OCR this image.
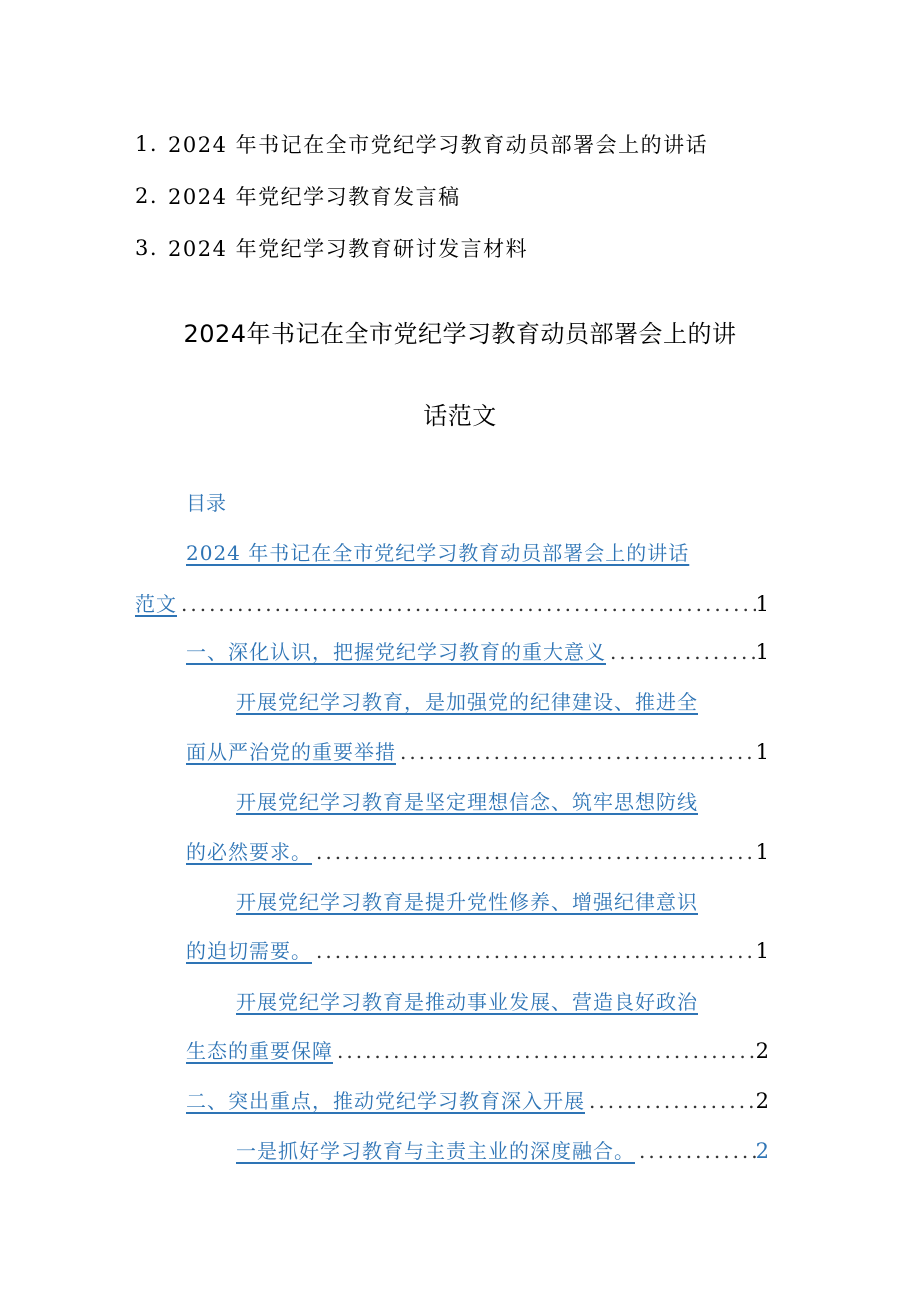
1. 2024 年书记在全市党纪学习教育动员部署会上的讲话
2. 2024 年党纪学习教育发言稿
3. 2024 年党纪学习教育研讨发言材料
2024年书记在全市党纪学习教育动员部署会上的讲
话范文
目录
2024 年书记在全市党纪学习教育动员部署会上的讲话
范文 .....	1
一、深化认识，把握党纪学习教育的重大意义 .....	1
开展党纪学习教育，是加强党的纪律建设、推进全
面从严治党的重要举措 .....	1
开展党纪学习教育是坚定理想信念、筑牢思想防线
的必然要求。 .....	1
开展党纪学习教育是提升党性修养、增强纪律意识
的迫切需要。 .....	1
开展党纪学习教育是推动事业发展、营造良好政治
生态的重要保障 .....	2
二、突出重点，推动党纪学习教育深入开展 .....	2
一是抓好学习教育与主责主业的深度融合。 .....	2
